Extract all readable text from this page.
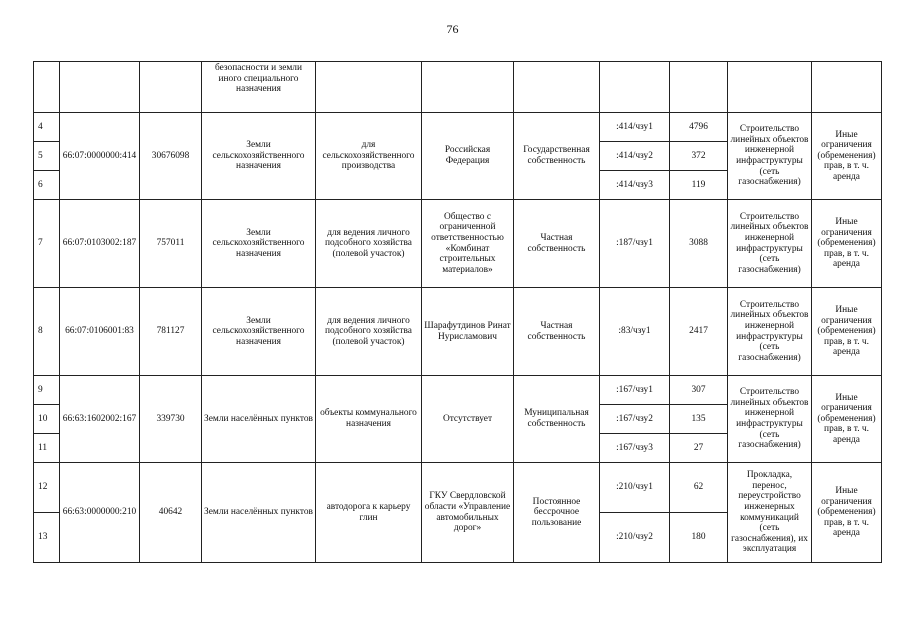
76
			безопасности и земли иного специального назначения							
4	66:07:0000000:414	30676098	Земли сельскохозяйственного назначения	для сельскохозяйственного производства	Российская Федерация	Государственная собственность	:414/чзу1	4796	Строительство линейных объектов инженерной инфраструктуры (сеть газоснабжения)	Иные ограничения (обременения) прав, в т. ч. аренда
5							:414/чзу2	372		
6							:414/чзу3	119		
7	66:07:0103002:187	757011	Земли сельскохозяйственного назначения	для ведения личного подсобного хозяйства (полевой участок)	Общество с ограниченной ответственностью «Комбинат строительных материалов»	Частная собственность	:187/чзу1	3088	Строительство линейных объектов инженерной инфраструктуры (сеть газоснабжения)	Иные ограничения (обременения) прав, в т. ч. аренда
8	66:07:0106001:83	781127	Земли сельскохозяйственного назначения	для ведения личного подсобного хозяйства (полевой участок)	Шарафутдинов Ринат Нурисламович	Частная собственность	:83/чзу1	2417	Строительство линейных объектов инженерной инфраструктуры (сеть газоснабжения)	Иные ограничения (обременения) прав, в т. ч. аренда
9	66:63:1602002:167	339730	Земли населённых пунктов	объекты коммунального назначения	Отсутствует	Муниципальная собственность	:167/чзу1	307	Строительство линейных объектов инженерной инфраструктуры (сеть газоснабжения)	Иные ограничения (обременения) прав, в т. ч. аренда
10							:167/чзу2	135		
11							:167/чзу3	27		
12	66:63:0000000:210	40642	Земли населённых пунктов	автодорога к карьеру глин	ГКУ Свердловской области «Управление автомобильных дорог»	Постоянное бессрочное пользование	:210/чзу1	62	Прокладка, перенос, переустройство инженерных коммуникаций (сеть газоснабжения), их эксплуатация	Иные ограничения (обременения) прав, в т. ч. аренда
13							:210/чзу2	180		
